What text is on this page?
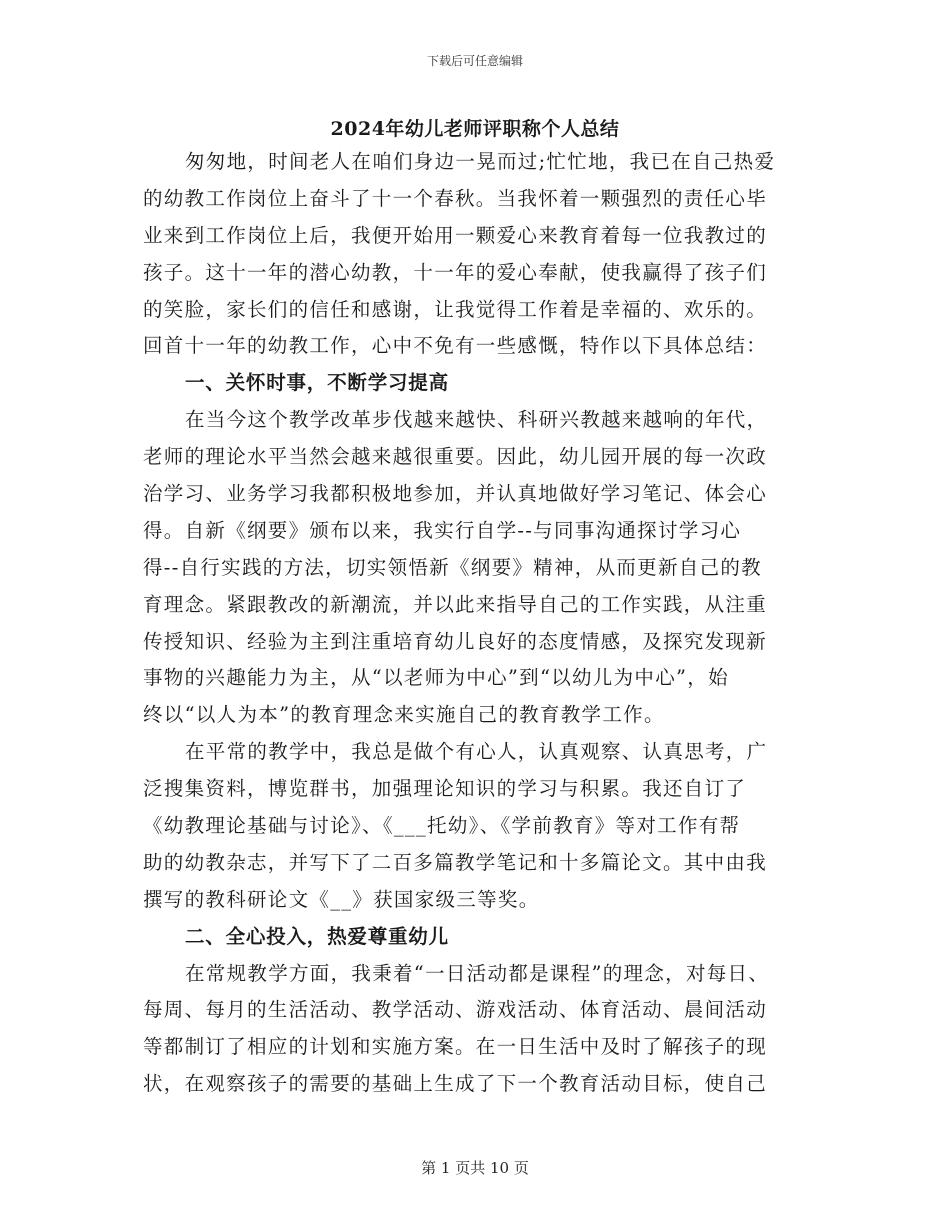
下载后可任意编辑
2024年幼儿老师评职称个人总结
匆匆地，时间老人在咱们身边一晃而过;忙忙地，我已在自己热爱
的幼教工作岗位上奋斗了十一个春秋。当我怀着一颗强烈的责任心毕
业来到工作岗位上后，我便开始用一颗爱心来教育着每一位我教过的
孩子。这十一年的潜心幼教，十一年的爱心奉献，使我赢得了孩子们
的笑脸，家长们的信任和感谢，让我觉得工作着是幸福的、欢乐的。
回首十一年的幼教工作，心中不免有一些感慨，特作以下具体总结：
一、关怀时事，不断学习提高
在当今这个教学改革步伐越来越快、科研兴教越来越响的年代，
老师的理论水平当然会越来越很重要。因此，幼儿园开展的每一次政
治学习、业务学习我都积极地参加，并认真地做好学习笔记、体会心
得。自新《纲要》颁布以来，我实行自学--与同事沟通探讨学习心
得--自行实践的方法，切实领悟新《纲要》精神，从而更新自己的教
育理念。紧跟教改的新潮流，并以此来指导自己的工作实践，从注重
传授知识、经验为主到注重培育幼儿良好的态度情感，及探究发现新
事物的兴趣能力为主，从“以老师为中心”到“以幼儿为中心”，始
终以“以人为本”的教育理念来实施自己的教育教学工作。
在平常的教学中，我总是做个有心人，认真观察、认真思考，广
泛搜集资料，博览群书，加强理论知识的学习与积累。我还自订了
《幼教理论基础与讨论》、《___托幼》、《学前教育》等对工作有帮
助的幼教杂志，并写下了二百多篇教学笔记和十多篇论文。其中由我
撰写的教科研论文《__》获国家级三等奖。
二、全心投入，热爱尊重幼儿
在常规教学方面，我秉着“一日活动都是课程”的理念，对每日、
每周、每月的生活活动、教学活动、游戏活动、体育活动、晨间活动
等都制订了相应的计划和实施方案。在一日生活中及时了解孩子的现
状，在观察孩子的需要的基础上生成了下一个教育活动目标，使自己
第 1 页共 10 页
